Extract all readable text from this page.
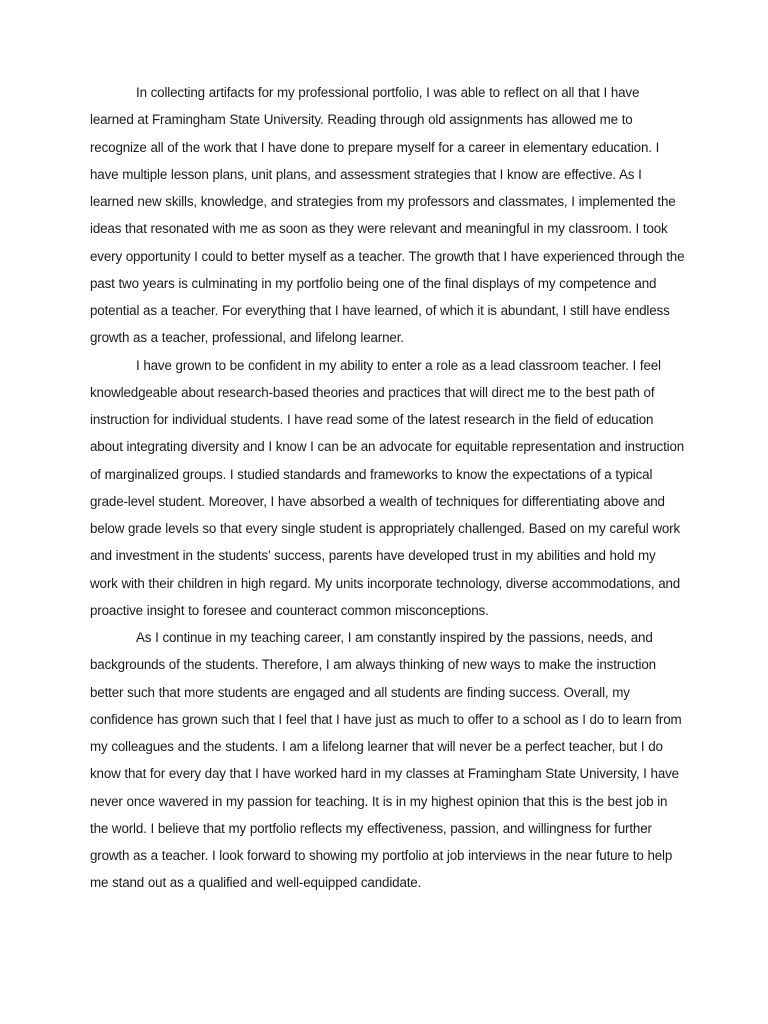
In collecting artifacts for my professional portfolio, I was able to reflect on all that I have learned at Framingham State University. Reading through old assignments has allowed me to recognize all of the work that I have done to prepare myself for a career in elementary education. I have multiple lesson plans, unit plans, and assessment strategies that I know are effective. As I learned new skills, knowledge, and strategies from my professors and classmates, I implemented the ideas that resonated with me as soon as they were relevant and meaningful in my classroom. I took every opportunity I could to better myself as a teacher. The growth that I have experienced through the past two years is culminating in my portfolio being one of the final displays of my competence and potential as a teacher. For everything that I have learned, of which it is abundant, I still have endless growth as a teacher, professional, and lifelong learner.

I have grown to be confident in my ability to enter a role as a lead classroom teacher. I feel knowledgeable about research-based theories and practices that will direct me to the best path of instruction for individual students. I have read some of the latest research in the field of education about integrating diversity and I know I can be an advocate for equitable representation and instruction of marginalized groups. I studied standards and frameworks to know the expectations of a typical grade-level student. Moreover, I have absorbed a wealth of techniques for differentiating above and below grade levels so that every single student is appropriately challenged. Based on my careful work and investment in the students’ success, parents have developed trust in my abilities and hold my work with their children in high regard. My units incorporate technology, diverse accommodations, and proactive insight to foresee and counteract common misconceptions.

As I continue in my teaching career, I am constantly inspired by the passions, needs, and backgrounds of the students. Therefore, I am always thinking of new ways to make the instruction better such that more students are engaged and all students are finding success. Overall, my confidence has grown such that I feel that I have just as much to offer to a school as I do to learn from my colleagues and the students. I am a lifelong learner that will never be a perfect teacher, but I do know that for every day that I have worked hard in my classes at Framingham State University, I have never once wavered in my passion for teaching. It is in my highest opinion that this is the best job in the world. I believe that my portfolio reflects my effectiveness, passion, and willingness for further growth as a teacher. I look forward to showing my portfolio at job interviews in the near future to help me stand out as a qualified and well-equipped candidate.
